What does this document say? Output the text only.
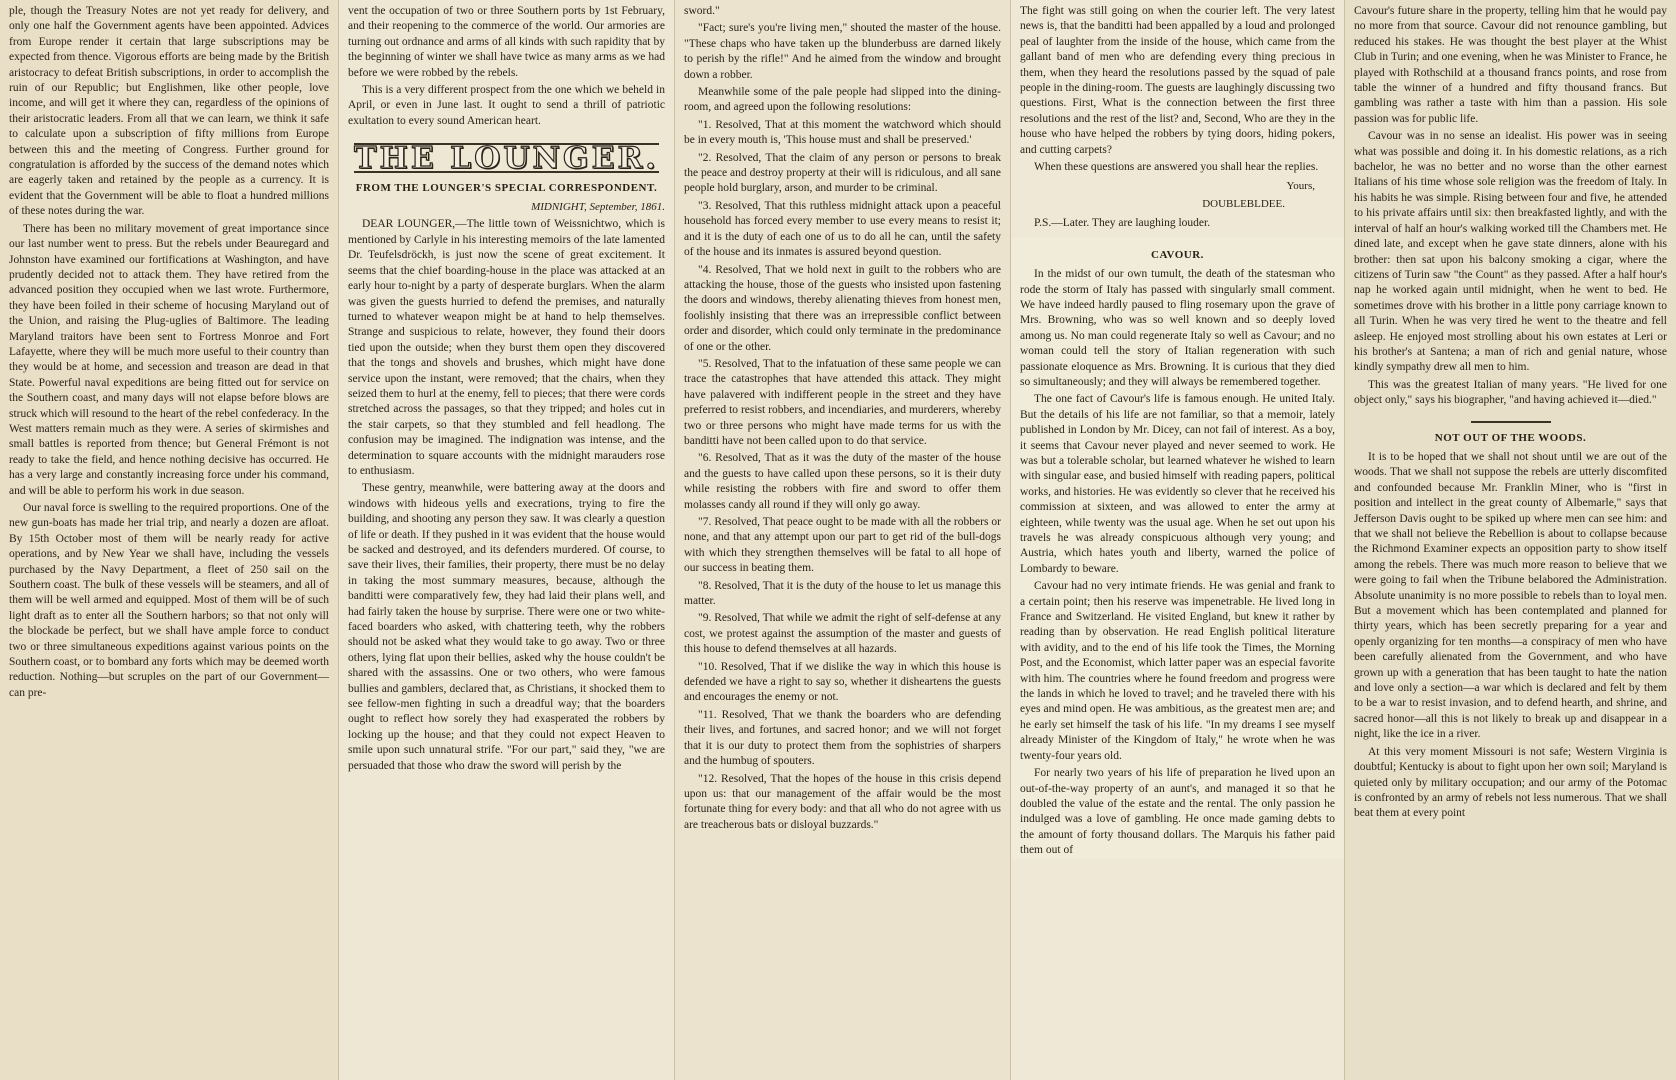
ple, though the Treasury Notes are not yet ready for delivery, and only one half the Government agents have been appointed. Advices from Europe render it certain that large subscriptions may be expected from thence. Vigorous efforts are being made by the British aristocracy to defeat British subscriptions, in order to accomplish the ruin of our Republic; but Englishmen, like other people, love income, and will get it where they can, regardless of the opinions of their aristocratic leaders. From all that we can learn, we think it safe to calculate upon a subscription of fifty millions from Europe between this and the meeting of Congress. Further ground for congratulation is afforded by the success of the demand notes which are eagerly taken and retained by the people as a currency. It is evident that the Government will be able to float a hundred millions of these notes during the war.

There has been no military movement of great importance since our last number went to press. But the rebels under Beauregard and Johnston have examined our fortifications at Washington, and have prudently decided not to attack them. They have retired from the advanced position they occupied when we last wrote. Furthermore, they have been foiled in their scheme of hocusing Maryland out of the Union, and raising the Plug-uglies of Baltimore. The leading Maryland traitors have been sent to Fortress Monroe and Fort Lafayette, where they will be much more useful to their country than they would be at home, and secession and treason are dead in that State. Powerful naval expeditions are being fitted out for service on the Southern coast, and many days will not elapse before blows are struck which will resound to the heart of the rebel confederacy. In the West matters remain much as they were. A series of skirmishes and small battles is reported from thence; but General Frémont is not ready to take the field, and hence nothing decisive has occurred. He has a very large and constantly increasing force under his command, and will be able to perform his work in due season.

Our naval force is swelling to the required proportions. One of the new gun-boats has made her trial trip, and nearly a dozen are afloat. By 15th October most of them will be nearly ready for active operations, and by New Year we shall have, including the vessels purchased by the Navy Department, a fleet of 250 sail on the Southern coast. The bulk of these vessels will be steamers, and all of them will be well armed and equipped. Most of them will be of such light draft as to enter all the Southern harbors; so that not only will the blockade be perfect, but we shall have ample force to conduct two or three simultaneous expeditions against various points on the Southern coast, or to bombard any forts which may be deemed worth reduction. Nothing—but scruples on the part of our Government—can pre-

vent the occupation of two or three Southern ports by 1st February, and their reopening to the commerce of the world. Our armories are turning out ordnance and arms of all kinds with such rapidity that by the beginning of winter we shall have twice as many arms as we had before we were robbed by the rebels.

This is a very different prospect from the one which we beheld in April, or even in June last. It ought to send a thrill of patriotic exultation to every sound American heart.

THE LOUNGER.
FROM THE LOUNGER'S SPECIAL CORRESPONDENT.
MIDNIGHT, September, 1861.

DEAR LOUNGER,—The little town of Weissnichtwo, which is mentioned by Carlyle in his interesting memoirs of the late lamented Dr. Teufelsdröckh, is just now the scene of great excitement. It seems that the chief boarding-house in the place was attacked at an early hour to-night by a party of desperate burglars. When the alarm was given the guests hurried to defend the premises, and naturally turned to whatever weapon might be at hand to help themselves. Strange and suspicious to relate, however, they found their doors tied upon the outside; when they burst them open they discovered that the tongs and shovels and brushes, which might have done service upon the instant, were removed; that the chairs, when they seized them to hurl at the enemy, fell to pieces; that there were cords stretched across the passages, so that they tripped; and holes cut in the stair carpets, so that they stumbled and fell headlong. The confusion may be imagined. The indignation was intense, and the determination to square accounts with the midnight marauders rose to enthusiasm.

These gentry, meanwhile, were battering away at the doors and windows with hideous yells and execrations, trying to fire the building, and shooting any person they saw. It was clearly a question of life or death. If they pushed in it was evident that the house would be sacked and destroyed, and its defenders murdered. Of course, to save their lives, their families, their property, there must be no delay in taking the most summary measures, because, although the banditti were comparatively few, they had laid their plans well, and had fairly taken the house by surprise. There were one or two white-faced boarders who asked, with chattering teeth, why the robbers should not be asked what they would take to go away. Two or three others, lying flat upon their bellies, asked why the house couldn't be shared with the assassins. One or two others, who were famous bullies and gamblers, declared that, as Christians, it shocked them to see fellow-men fighting in such a dreadful way; that the boarders ought to reflect how sorely they had exasperated the robbers by locking up the house; and that they could not expect Heaven to smile upon such unnatural strife. "For our part," said they, "we are persuaded that those who draw the sword will perish by the

sword."

"Fact; sure's you're living men," shouted the master of the house. "These chaps who have taken up the blunderbuss are darned likely to perish by the rifle!" And he aimed from the window and brought down a robber.

Meanwhile some of the pale people had slipped into the dining-room, and agreed upon the following resolutions:

"1. Resolved, That at this moment the watchword which should be in every mouth is, 'This house must and shall be preserved.'

"2. Resolved, That the claim of any person or persons to break the peace and destroy property at their will is ridiculous, and all sane people hold burglary, arson, and murder to be criminal.

"3. Resolved, That this ruthless midnight attack upon a peaceful household has forced every member to use every means to resist it; and it is the duty of each one of us to do all he can, until the safety of the house and its inmates is assured beyond question.

"4. Resolved, That we hold next in guilt to the robbers who are attacking the house, those of the guests who insisted upon fastening the doors and windows, thereby alienating thieves from honest men, foolishly insisting that there was an irrepressible conflict between order and disorder, which could only terminate in the predominance of one or the other.

"5. Resolved, That to the infatuation of these same people we can trace the catastrophes that have attended this attack. They might have palavered with indifferent people in the street and they have preferred to resist robbers, and incendiaries, and murderers, whereby two or three persons who might have made terms for us with the banditti have not been called upon to do that service.

"6. Resolved, That as it was the duty of the master of the house and the guests to have called upon these persons, so it is their duty while resisting the robbers with fire and sword to offer them molasses candy all round if they will only go away.

"7. Resolved, That peace ought to be made with all the robbers or none, and that any attempt upon our part to get rid of the bull-dogs with which they strengthen themselves will be fatal to all hope of our success in beating them.

"8. Resolved, That it is the duty of the house to let us manage this matter.

"9. Resolved, That while we admit the right of self-defense at any cost, we protest against the assumption of the master and guests of this house to defend themselves at all hazards.

"10. Resolved, That if we dislike the way in which this house is defended we have a right to say so, whether it disheartens the guests and encourages the enemy or not.

"11. Resolved, That we thank the boarders who are defending their lives, and fortunes, and sacred honor; and we will not forget that it is our duty to protect them from the sophistries of sharpers and the humbug of spouters.

"12. Resolved, That the hopes of the house in this crisis depend upon us: that our management of the affair would be the most fortunate thing for every body: and that all who do not agree with us are treacherous bats or disloyal buzzards."

The fight was still going on when the courier left. The very latest news is, that the banditti had been appalled by a loud and prolonged peal of laughter from the inside of the house, which came from the gallant band of men who are defending every thing precious in them, when they heard the resolutions passed by the squad of pale people in the dining-room. The guests are laughingly discussing two questions. First, What is the connection between the first three resolutions and the rest of the list? and, Second, Who are they in the house who have helped the robbers by tying doors, hiding pokers, and cutting carpets?

When these questions are answered you shall hear the replies.

Yours,
DOUBLEBLDEE.

P.S.—Later. They are laughing louder.

CAVOUR.

In the midst of our own tumult, the death of the statesman who rode the storm of Italy has passed with singularly small comment. We have indeed hardly paused to fling rosemary upon the grave of Mrs. Browning, who was so well known and so deeply loved among us. No man could regenerate Italy so well as Cavour; and no woman could tell the story of Italian regeneration with such passionate eloquence as Mrs. Browning. It is curious that they died so simultaneously; and they will always be remembered together.

The one fact of Cavour's life is famous enough. He united Italy. But the details of his life are not familiar, so that a memoir, lately published in London by Mr. Dicey, can not fail of interest. As a boy, it seems that Cavour never played and never seemed to work. He was but a tolerable scholar, but learned whatever he wished to learn with singular ease, and busied himself with reading papers, political works, and histories. He was evidently so clever that he received his commission at sixteen, and was allowed to enter the army at eighteen, while twenty was the usual age. When he set out upon his travels he was already conspicuous although very young; and Austria, which hates youth and liberty, warned the police of Lombardy to beware.

Cavour had no very intimate friends. He was genial and frank to a certain point; then his reserve was impenetrable. He lived long in France and Switzerland. He visited England, but knew it rather by reading than by observation. He read English political literature with avidity, and to the end of his life took the Times, the Morning Post, and the Economist, which latter paper was an especial favorite with him. The countries where he found freedom and progress were the lands in which he loved to travel; and he traveled there with his eyes and mind open. He was ambitious, as the greatest men are; and he early set himself the task of his life. "In my dreams I see myself already Minister of the Kingdom of Italy," he wrote when he was twenty-four years old.

For nearly two years of his life of preparation he lived upon an out-of-the-way property of an aunt's, and managed it so that he doubled the value of the estate and the rental. The only passion he indulged was a love of gambling. He once made gaming debts to the amount of forty thousand dollars. The Marquis his father paid them out of

Cavour's future share in the property, telling him that he would pay no more from that source. Cavour did not renounce gambling, but reduced his stakes. He was thought the best player at the Whist Club in Turin; and one evening, when he was Minister to France, he played with Rothschild at a thousand francs points, and rose from table the winner of a hundred and fifty thousand francs. But gambling was rather a taste with him than a passion. His sole passion was for public life.

Cavour was in no sense an idealist. His power was in seeing what was possible and doing it. In his domestic relations, as a rich bachelor, he was no better and no worse than the other earnest Italians of his time whose sole religion was the freedom of Italy. In his habits he was simple. Rising between four and five, he attended to his private affairs until six: then breakfasted lightly, and with the interval of half an hour's walking worked till the Chambers met. He dined late, and except when he gave state dinners, alone with his brother: then sat upon his balcony smoking a cigar, where the citizens of Turin saw "the Count" as they passed. After a half hour's nap he worked again until midnight, when he went to bed. He sometimes drove with his brother in a little pony carriage known to all Turin. When he was very tired he went to the theatre and fell asleep. He enjoyed most strolling about his own estates at Leri or his brother's at Santena; a man of rich and genial nature, whose kindly sympathy drew all men to him.

This was the greatest Italian of many years. "He lived for one object only," says his biographer, "and having achieved it—died."

NOT OUT OF THE WOODS.

It is to be hoped that we shall not shout until we are out of the woods. That we shall not suppose the rebels are utterly discomfited and confounded because Mr. Franklin Miner, who is "first in position and intellect in the great county of Albemarle," says that Jefferson Davis ought to be spiked up where men can see him: and that we shall not believe the Rebellion is about to collapse because the Richmond Examiner expects an opposition party to show itself among the rebels. There was much more reason to believe that we were going to fail when the Tribune belabored the Administration. Absolute unanimity is no more possible to rebels than to loyal men. But a movement which has been contemplated and planned for thirty years, which has been secretly preparing for a year and openly organizing for ten months—a conspiracy of men who have been carefully alienated from the Government, and who have grown up with a generation that has been taught to hate the nation and love only a section—a war which is declared and felt by them to be a war to resist invasion, and to defend hearth, and shrine, and sacred honor—all this is not likely to break up and disappear in a night, like the ice in a river.

At this very moment Missouri is not safe; Western Virginia is doubtful; Kentucky is about to fight upon her own soil; Maryland is quieted only by military occupation; and our army of the Potomac is confronted by an army of rebels not less numerous. That we shall beat them at every point
